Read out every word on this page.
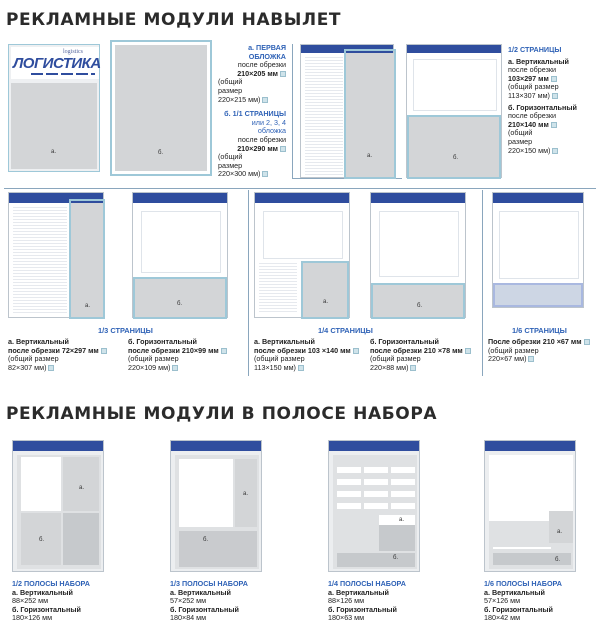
РЕКЛАМНЫЕ МОДУЛИ НАВЫЛЕТ
logistics
ЛОГИСТИКА
а.	б.
а. ПЕРВАЯ ОБЛОЖКА
после обрезки
210×205 мм
(общий
размер
220×215 мм)
б. 1/1 СТРАНИЦЫ
или 2, 3, 4
обложка
после обрезки
210×290 мм
(общий
размер
220×300 мм)
а.	б.
1/2 СТРАНИЦЫ
а. Вертикальный
после обрезки
103×297 мм
(общий размер
113×307 мм)
б. Горизонтальный
после обрезки
210×140 мм
(общий
размер
220×150 мм)
а.	б.
1/3 СТРАНИЦЫ
а. Вертикальный
после обрезки 72×297 мм
(общий размер
82×307 мм)
б. Горизонтальный
после обрезки 210×99 мм
(общий размер
220×109 мм)
а.
б.
1/4 СТРАНИЦЫ
а. Вертикальный
после обрезки 103 ×140 мм
(общий размер
113×150 мм)
б. Горизонтальный
после обрезки 210 ×78 мм
(общий размер
220×88 мм)
1/6 СТРАНИЦЫ
После обрезки 210 ×67 мм
(общий размер
220×67 мм)
РЕКЛАМНЫЕ МОДУЛИ В ПОЛОСЕ НАБОРА
а.
б.
а.
б.
а.
б.
а.
б.
1/2 ПОЛОСЫ НАБОРА
а. Вертикальный
88×252 мм
б. Горизонтальный
180×126 мм
1/3 ПОЛОСЫ НАБОРА
а. Вертикальный
57×252 мм
б. Горизонтальный
180×84 мм
1/4 ПОЛОСЫ НАБОРА
а. Вертикальный
88×126 мм
б. Горизонтальный
180×63 мм
1/6 ПОЛОСЫ НАБОРА
а. Вертикальный
57×126 мм
б. Горизонтальный
180×42 мм
